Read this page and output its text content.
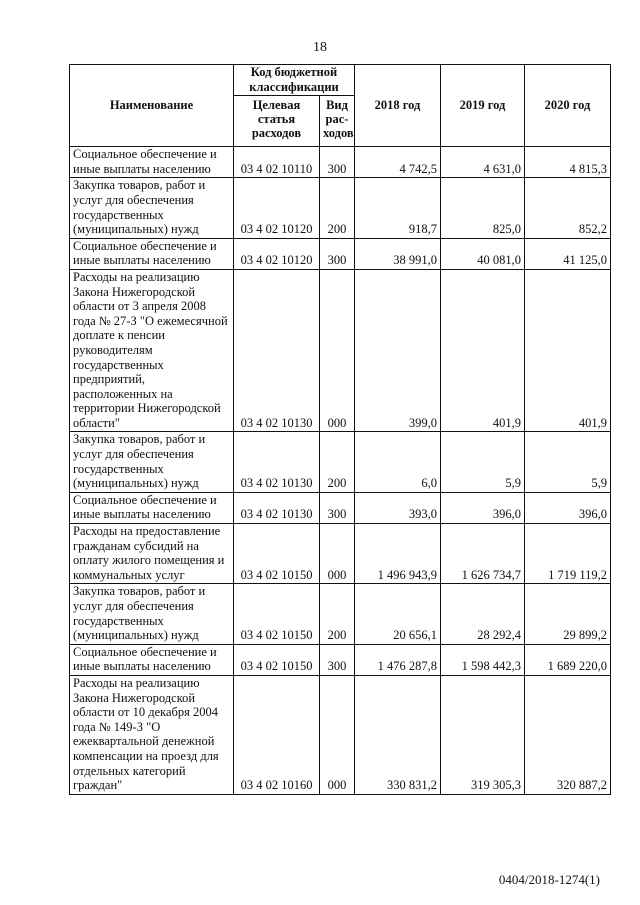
18
Наименование	Код бюджетной классификации		2018 год	2019 год	2020 год
	Целевая статья расходов	Вид рас-ходов			
Социальное обеспечение и иные выплаты населению	03 4 02 10110	300	4 742,5	4 631,0	4 815,3
Закупка товаров, работ и услуг для обеспечения государственных (муниципальных) нужд	03 4 02 10120	200	918,7	825,0	852,2
Социальное обеспечение и иные выплаты населению	03 4 02 10120	300	38 991,0	40 081,0	41 125,0
Расходы на реализацию Закона Нижегородской области от 3 апреля 2008 года № 27-З "О ежемесячной доплате к пенсии руководителям государственных предприятий, расположенных на территории Нижегородской области"	03 4 02 10130	000	399,0	401,9	401,9
Закупка товаров, работ и услуг для обеспечения государственных (муниципальных) нужд	03 4 02 10130	200	6,0	5,9	5,9
Социальное обеспечение и иные выплаты населению	03 4 02 10130	300	393,0	396,0	396,0
Расходы на предоставление гражданам субсидий на оплату жилого помещения и коммунальных услуг	03 4 02 10150	000	1 496 943,9	1 626 734,7	1 719 119,2
Закупка товаров, работ и услуг для обеспечения государственных (муниципальных) нужд	03 4 02 10150	200	20 656,1	28 292,4	29 899,2
Социальное обеспечение и иные выплаты населению	03 4 02 10150	300	1 476 287,8	1 598 442,3	1 689 220,0
Расходы на реализацию Закона Нижегородской области от 10 декабря 2004 года № 149-З "О ежеквартальной денежной компенсации на проезд для отдельных категорий граждан"	03 4 02 10160	000	330 831,2	319 305,3	320 887,2
0404/2018-1274(1)
